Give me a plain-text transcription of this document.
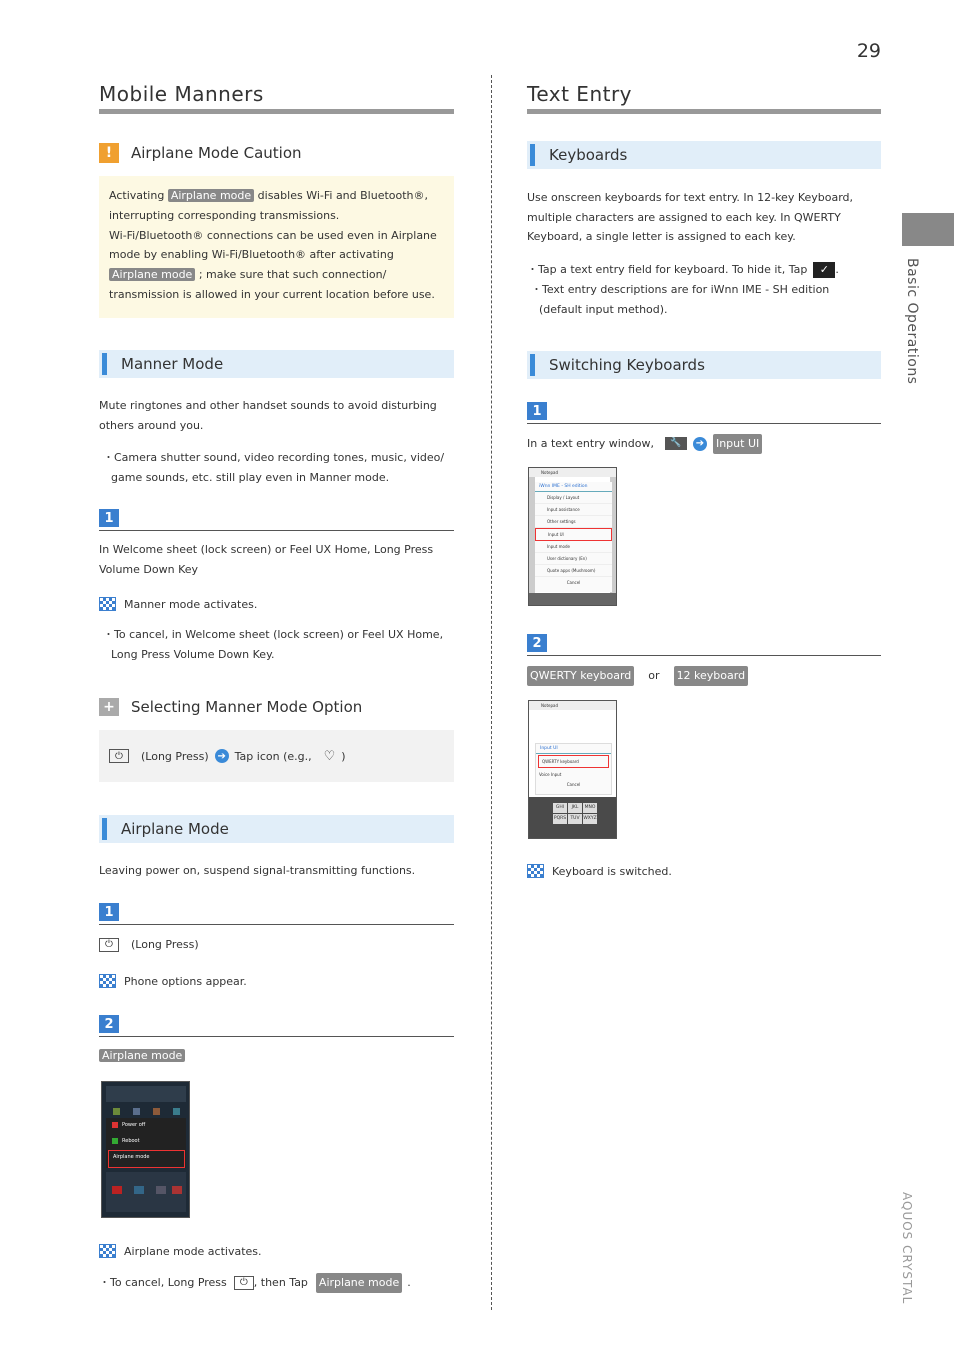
29
Basic Operations
AQUOS CRYSTAL
Mobile Manners
!	Airplane Mode Caution
Activating Airplane mode disables Wi-Fi and Bluetooth®, interrupting corresponding transmissions.
Wi-Fi/Bluetooth® connections can be used even in Airplane mode by enabling Wi-Fi/Bluetooth® after activating Airplane mode ; make sure that such connection/ transmission is allowed in your current location before use.
Manner Mode
Mute ringtones and other handset sounds to avoid disturbing others around you.
・Camera shutter sound, video recording tones, music, video/ game sounds, etc. still play even in Manner mode.
1
In Welcome sheet (lock screen) or Feel UX Home, Long Press Volume Down Key
Manner mode activates.
・To cancel, in Welcome sheet (lock screen) or Feel UX Home, Long Press Volume Down Key.
+ Selecting Manner Mode Option
⏻	(Long Press) ➔ Tap icon (e.g., ♡ )
Airplane Mode
Leaving power on, suspend signal-transmitting functions.
1
⏻	(Long Press)
Phone options appear.
2
Airplane mode
Power off
Reboot
Airplane mode
Airplane mode activates.
・To cancel, Long Press	⏻ , then Tap Airplane mode .
Text Entry
Keyboards
Use onscreen keyboards for text entry. In 12-key Keyboard, multiple characters are assigned to each key. In QWERTY Keyboard, a single letter is assigned to each key.
・Tap a text entry field for keyboard. To hide it, Tap	✓ .
・Text entry descriptions are for iWnn IME - SH edition (default input method).
Switching Keyboards
1
In a text entry window,	🔧	➔ Input UI
Notepad
iWnn IME - SH edition
Display / Layout
Input assistance
Other settings
Input UI
Input mode
User dictionary (En)
Quote apps (Mushroom)
Cancel
2
QWERTY keyboard or 12 keyboard
Notepad
Input UI
QWERTY keyboard
Voice Input
Cancel
GHI	JKL	MNO
PQRS TUV WXYZ
Keyboard is switched.
